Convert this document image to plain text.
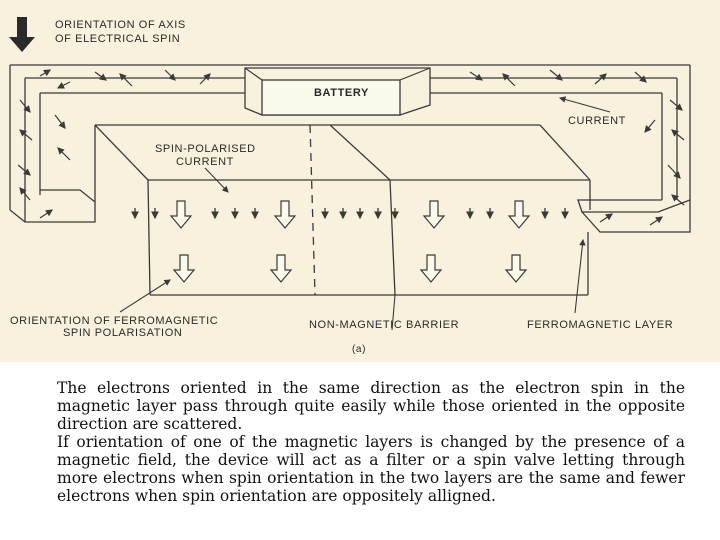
ORIENTATION OF AXIS
OF ELECTRICAL SPIN
BATTERY
CURRENT
SPIN-POLARISED
CURRENT
ORIENTATION OF FERROMAGNETIC
SPIN POLARISATION
NON-MAGNETIC BARRIER	FERROMAGNETIC LAYER
(a)

The electrons oriented in the same direction as the electron spin in the magnetic layer pass through quite easily while those oriented in the opposite direction are scattered.

If orientation of one of the magnetic layers is changed by the presence of a magnetic field, the device will act as a filter or a spin valve letting through more electrons when spin orientation in the two layers are the same and fewer electrons when spin orientation are oppositely alligned.
